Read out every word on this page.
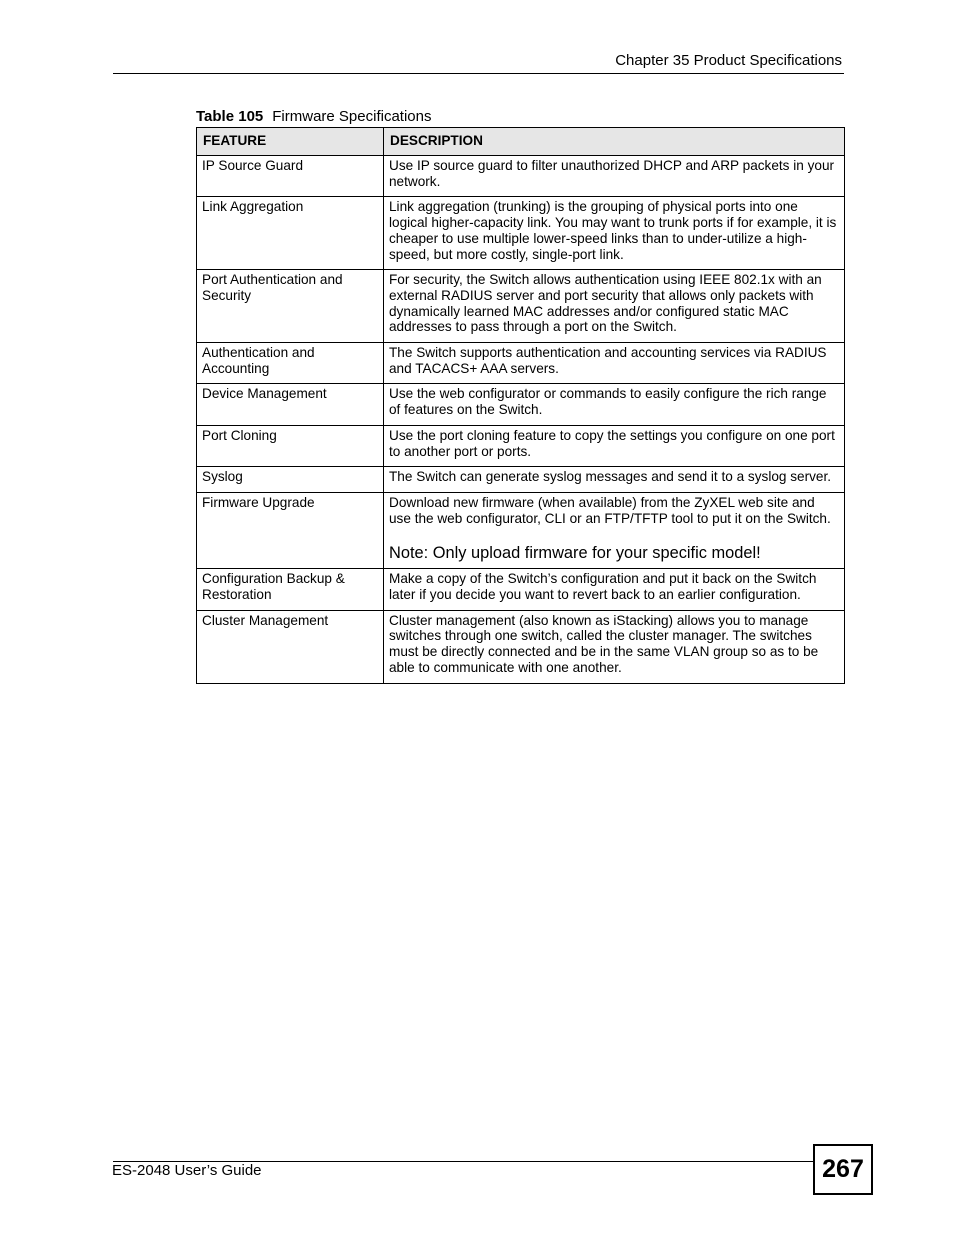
Chapter 35 Product Specifications
Table 105 Firmware Specifications
FEATURE	DESCRIPTION
IP Source Guard	Use IP source guard to filter unauthorized DHCP and ARP packets in your network.
Link Aggregation	Link aggregation (trunking) is the grouping of physical ports into one logical higher-capacity link. You may want to trunk ports if for example, it is cheaper to use multiple lower-speed links than to under-utilize a high-speed, but more costly, single-port link.
Port Authentication and Security	For security, the Switch allows authentication using IEEE 802.1x with an external RADIUS server and port security that allows only packets with dynamically learned MAC addresses and/or configured static MAC addresses to pass through a port on the Switch.
Authentication and Accounting	The Switch supports authentication and accounting services via RADIUS and TACACS+ AAA servers.
Device Management	Use the web configurator or commands to easily configure the rich range of features on the Switch.
Port Cloning	Use the port cloning feature to copy the settings you configure on one port to another port or ports.
Syslog	The Switch can generate syslog messages and send it to a syslog server.
Firmware Upgrade	Download new firmware (when available) from the ZyXEL web site and use the web configurator, CLI or an FTP/TFTP tool to put it on the Switch.
Note: Only upload firmware for your specific model!

Configuration Backup & Restoration	Make a copy of the Switch’s configuration and put it back on the Switch later if you decide you want to revert back to an earlier configuration.
Cluster Management	Cluster management (also known as iStacking) allows you to manage switches through one switch, called the cluster manager. The switches must be directly connected and be in the same VLAN group so as to be able to communicate with one another.
ES-2048 User’s Guide	267
